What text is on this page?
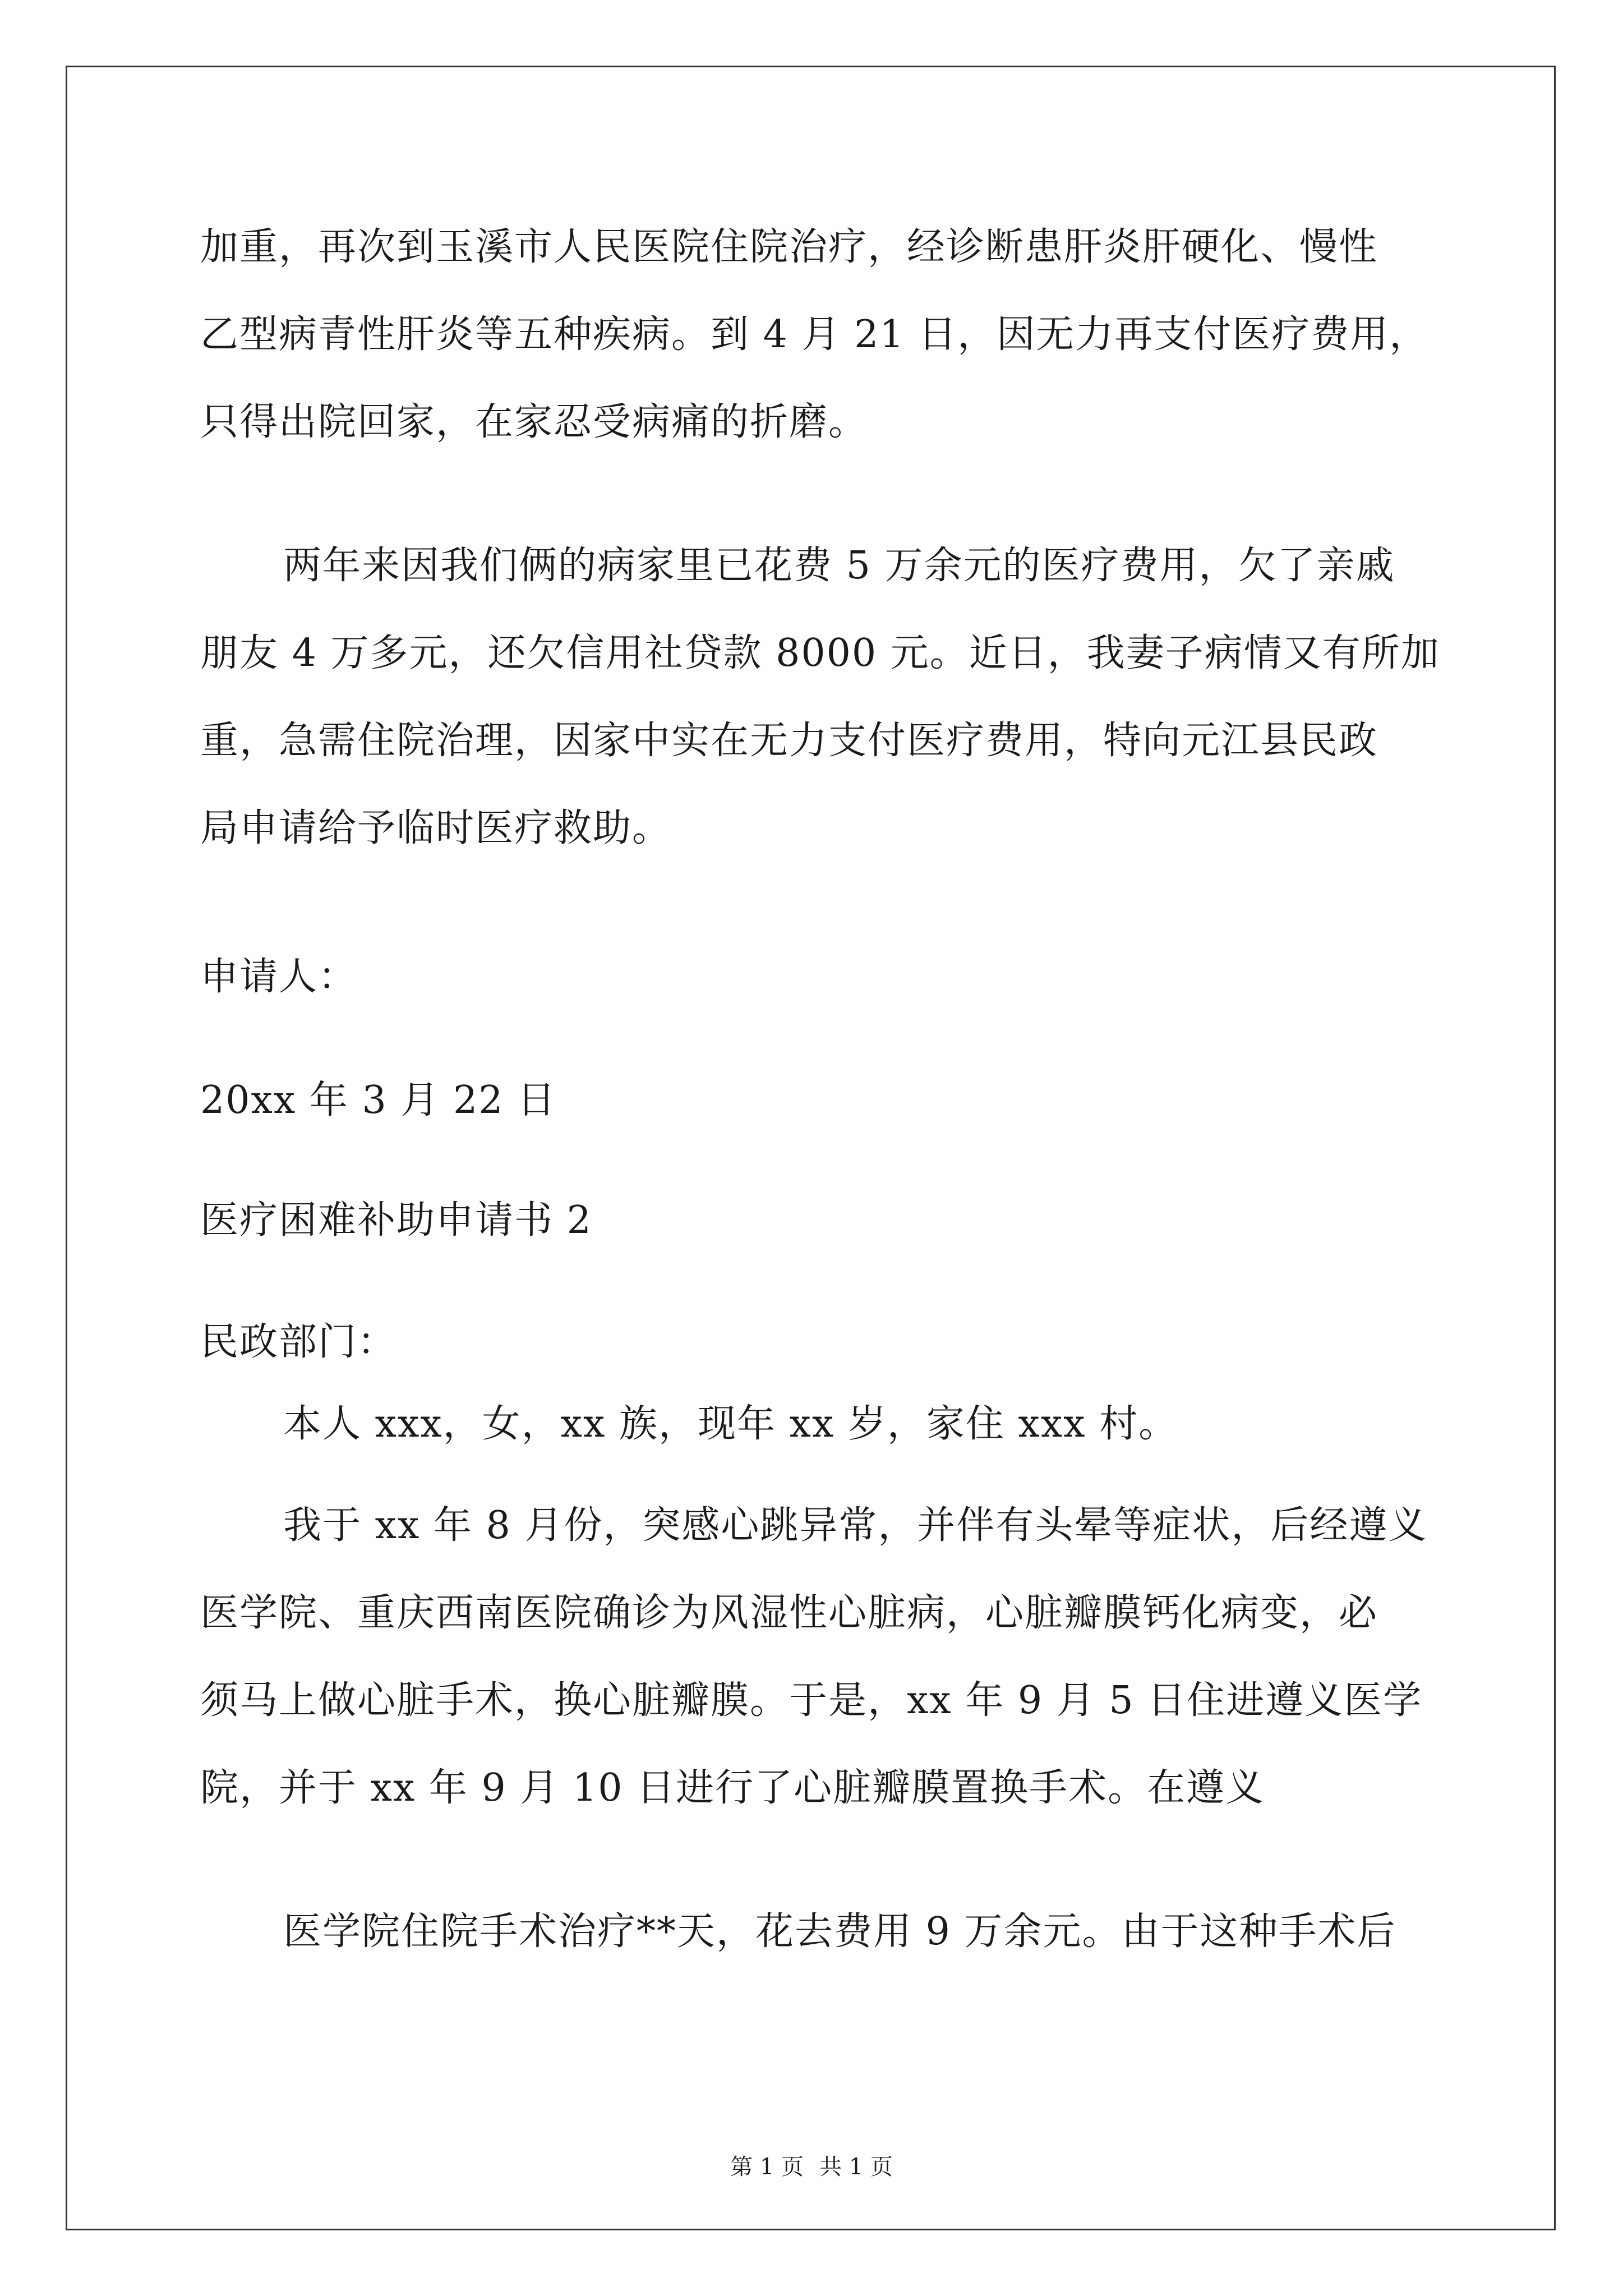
加重，再次到玉溪市人民医院住院治疗，经诊断患肝炎肝硬化、慢性
乙型病青性肝炎等五种疾病。到 4 月 21 日，因无力再支付医疗费用，
只得出院回家，在家忍受病痛的折磨。
两年来因我们俩的病家里已花费 5 万余元的医疗费用，欠了亲戚
朋友 4 万多元，还欠信用社贷款 8000 元。近日，我妻子病情又有所加
重，急需住院治理，因家中实在无力支付医疗费用，特向元江县民政
局申请给予临时医疗救助。
申请人：
20xx 年 3 月 22 日
医疗困难补助申请书 2
民政部门：
本人 xxx，女，xx 族，现年 xx 岁，家住 xxx 村。
我于 xx 年 8 月份，突感心跳异常，并伴有头晕等症状，后经遵义
医学院、重庆西南医院确诊为风湿性心脏病，心脏瓣膜钙化病变，必
须马上做心脏手术，换心脏瓣膜。于是，xx 年 9 月 5 日住进遵义医学
院，并于 xx 年 9 月 10 日进行了心脏瓣膜置换手术。在遵义
医学院住院手术治疗**天，花去费用 9 万余元。由于这种手术后
第 1 页 共 1 页
